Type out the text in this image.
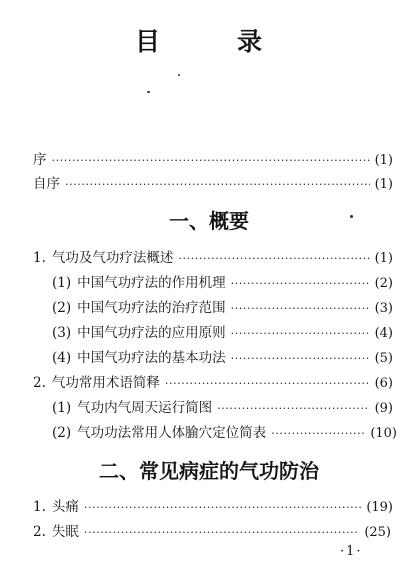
目	录
序 ·····	(1)
自序 ·····	(1)
一、概要
1. 气功及气功疗法概述 ·····	(1)
(1) 中国气功疗法的作用机理 ·····	(2)
(2) 中国气功疗法的治疗范围 ·····	(3)
(3) 中国气功疗法的应用原则 ·····	(4)
(4) 中国气功疗法的基本功法 ·····	(5)
2. 气功常用术语简释 ·····	(6)
(1) 气功内气周天运行简图 ·····	(9)
(2) 气功功法常用人体腧穴定位简表 ·····	(10)
二、常见病症的气功防治
1. 头痛 ·····	(19)
2. 失眠 ·····	(25)
·1·
